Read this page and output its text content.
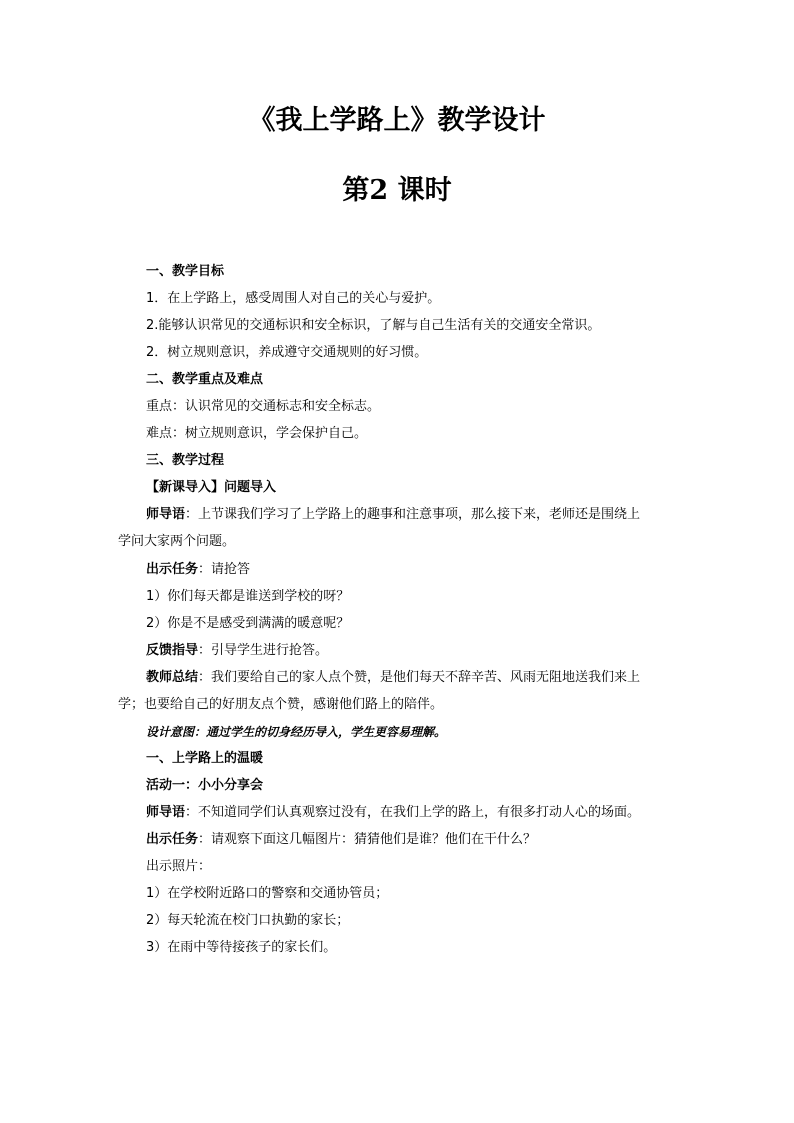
《我上学路上》教学设计
第2 课时
一、教学目标
1．在上学路上，感受周围人对自己的关心与爱护。
2.能够认识常见的交通标识和安全标识，了解与自己生活有关的交通安全常识。
2．树立规则意识，养成遵守交通规则的好习惯。
二、教学重点及难点
重点：认识常见的交通标志和安全标志。
难点：树立规则意识，学会保护自己。
三、教学过程
【新课导入】问题导入
师导语：上节课我们学习了上学路上的趣事和注意事项，那么接下来，老师还是围绕上
学问大家两个问题。
出示任务：请抢答
1）你们每天都是谁送到学校的呀？
2）你是不是感受到满满的暖意呢？
反馈指导：引导学生进行抢答。
教师总结：我们要给自己的家人点个赞，是他们每天不辞辛苦、风雨无阻地送我们来上
学；也要给自己的好朋友点个赞，感谢他们路上的陪伴。
设计意图：通过学生的切身经历导入，学生更容易理解。
一、上学路上的温暖
活动一：小小分享会
师导语：不知道同学们认真观察过没有，在我们上学的路上，有很多打动人心的场面。
出示任务：请观察下面这几幅图片：猜猜他们是谁？他们在干什么？
出示照片：
1）在学校附近路口的警察和交通协管员；
2）每天轮流在校门口执勤的家长；
3）在雨中等待接孩子的家长们。
